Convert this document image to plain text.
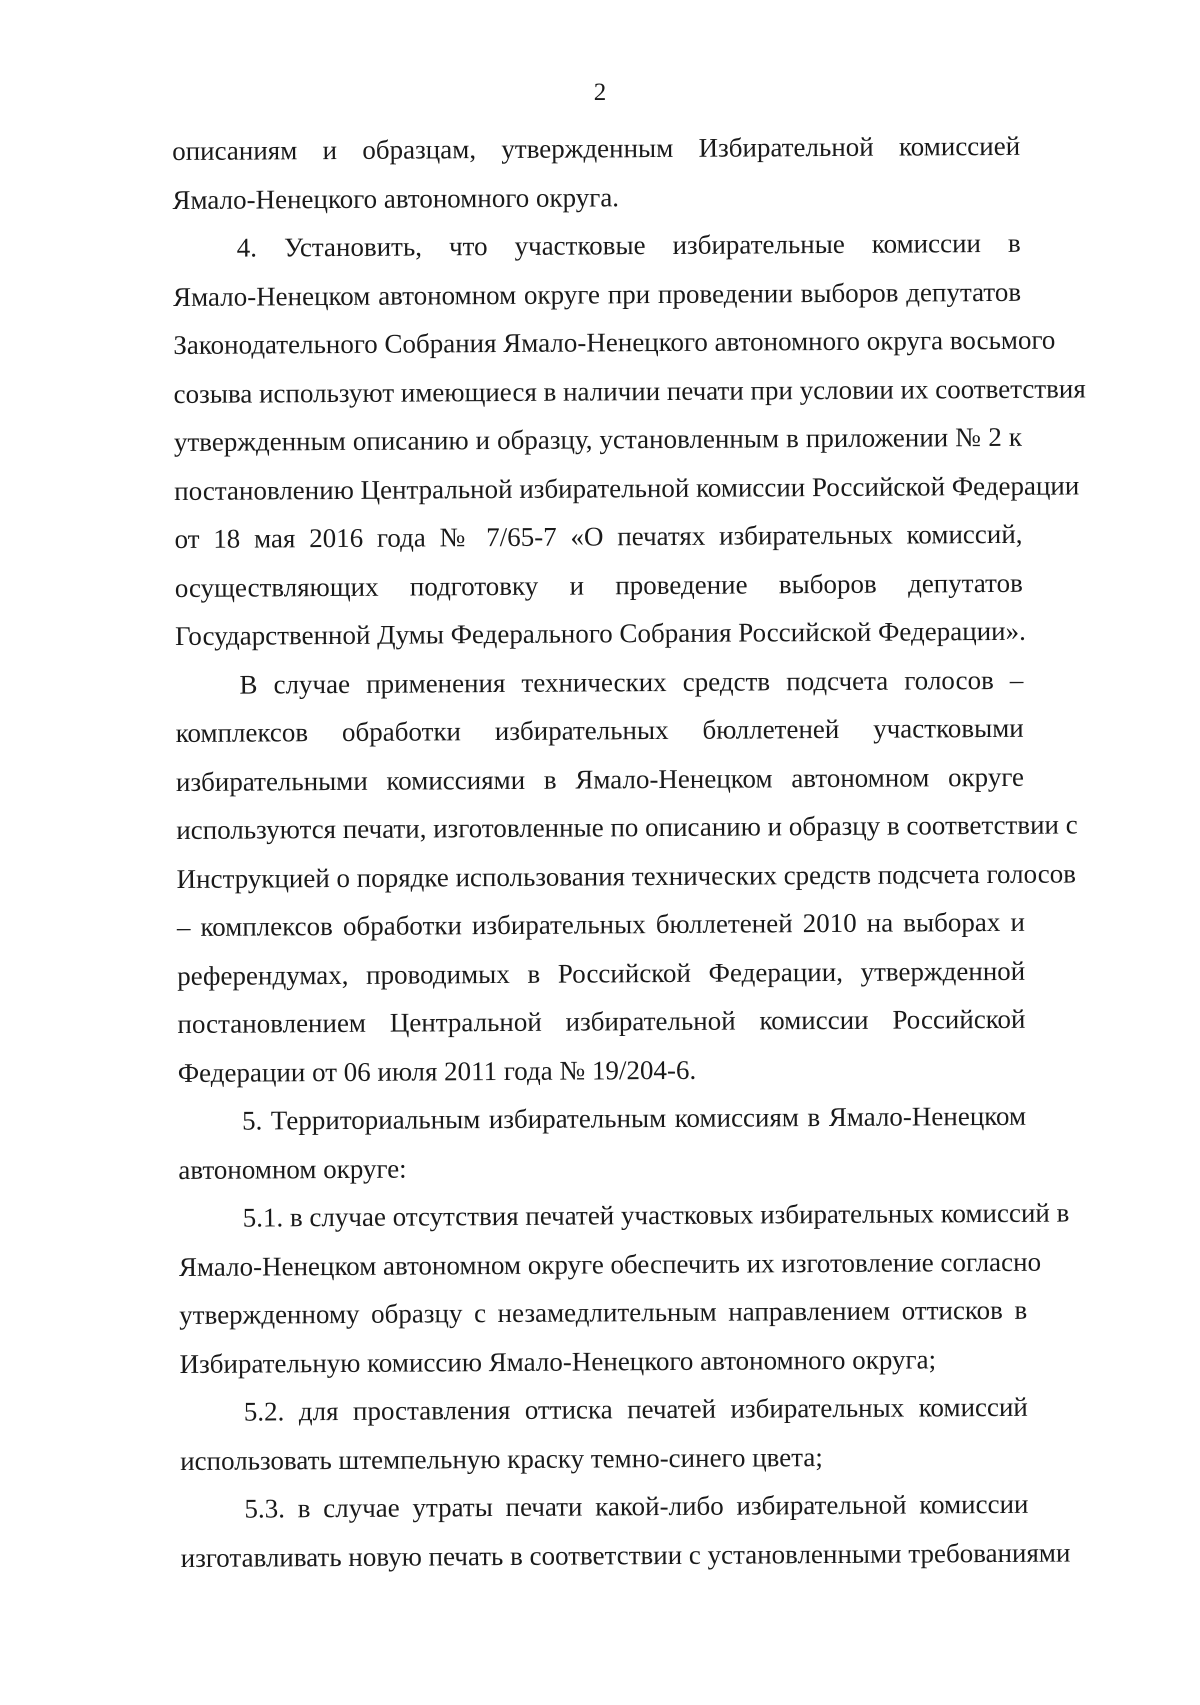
2
описаниям и образцам, утвержденным Избирательной комиссией
Ямало-Ненецкого автономного округа.
4. Установить, что участковые избирательные комиссии в
Ямало-Ненецком автономном округе при проведении выборов депутатов
Законодательного Собрания Ямало-Ненецкого автономного округа восьмого
созыва используют имеющиеся в наличии печати при условии их соответствия
утвержденным описанию и образцу, установленным в приложении № 2 к
постановлению Центральной избирательной комиссии Российской Федерации
от 18 мая 2016 года № 7/65-7 «О печатях избирательных комиссий,
осуществляющих подготовку и проведение выборов депутатов
Государственной Думы Федерального Собрания Российской Федерации».
В случае применения технических средств подсчета голосов –
комплексов обработки избирательных бюллетеней участковыми
избирательными комиссиями в Ямало-Ненецком автономном округе
используются печати, изготовленные по описанию и образцу в соответствии с
Инструкцией о порядке использования технических средств подсчета голосов
– комплексов обработки избирательных бюллетеней 2010 на выборах и
референдумах, проводимых в Российской Федерации, утвержденной
постановлением Центральной избирательной комиссии Российской
Федерации от 06 июля 2011 года № 19/204-6.
5. Территориальным избирательным комиссиям в Ямало-Ненецком
автономном округе:
5.1. в случае отсутствия печатей участковых избирательных комиссий в
Ямало-Ненецком автономном округе обеспечить их изготовление согласно
утвержденному образцу с незамедлительным направлением оттисков в
Избирательную комиссию Ямало-Ненецкого автономного округа;
5.2. для проставления оттиска печатей избирательных комиссий
использовать штемпельную краску темно-синего цвета;
5.3. в случае утраты печати какой-либо избирательной комиссии
изготавливать новую печать в соответствии с установленными требованиями
